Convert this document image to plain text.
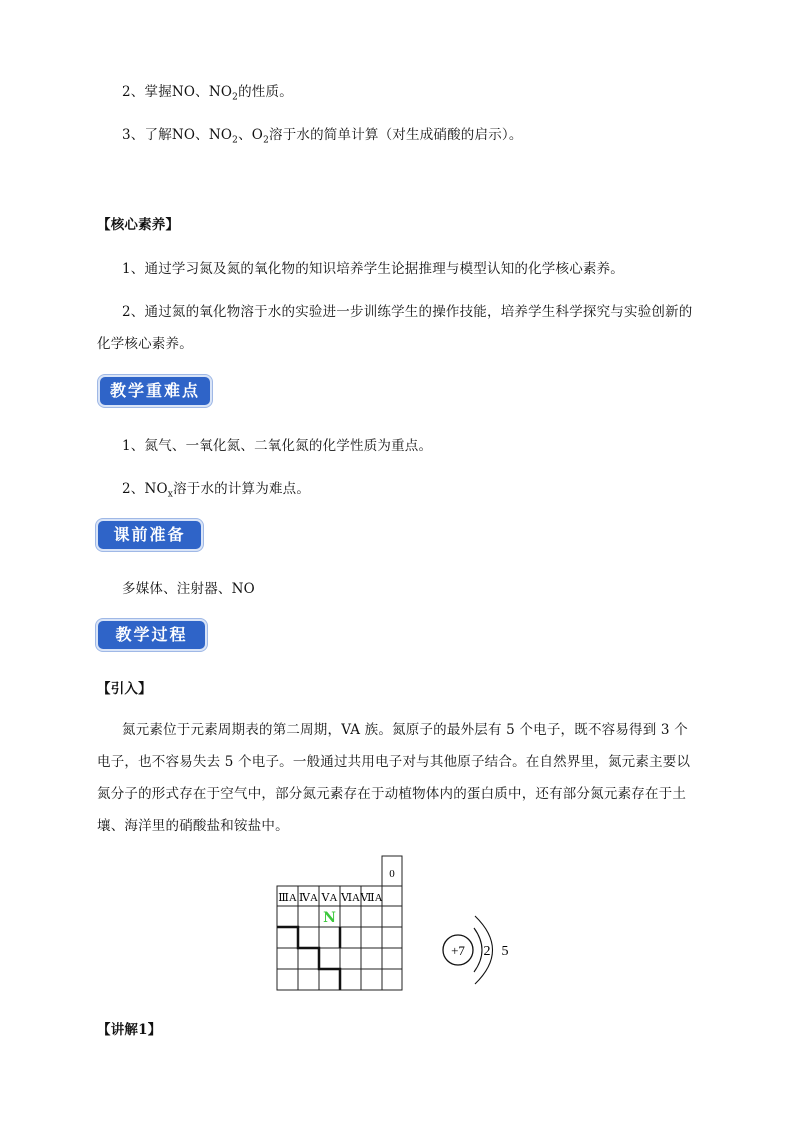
2、掌握NO、$NO_2$的性质。
3、了解NO、$NO_2$、$O_2$溶于水的简单计算（对生成硝酸的启示）。
【核心素养】
1、通过学习氮及氮的氧化物的知识培养学生论据推理与模型认知的化学核心素养。
2、通过氮的氧化物溶于水的实验进一步训练学生的操作技能，培养学生科学探究与实验创新的
化学核心素养。
教学重难点
1、氮气、一氧化氮、二氧化氮的化学性质为重点。
2、$NO_x$溶于水的计算为难点。
课前准备
多媒体、注射器、NO
教学过程
【引入】
氮元素位于元素周期表的第二周期，VA 族。氮原子的最外层有 5 个电子，既不容易得到 3 个
电子，也不容易失去 5 个电子。一般通过共用电子对与其他原子结合。在自然界里，氮元素主要以
氮分子的形式存在于空气中，部分氮元素存在于动植物体内的蛋白质中，还有部分氮元素存在于土
壤、海洋里的硝酸盐和铵盐中。
ⅢA ⅣA ⅤA ⅥA ⅦA
0
N
+7 2 5
【讲解1】
